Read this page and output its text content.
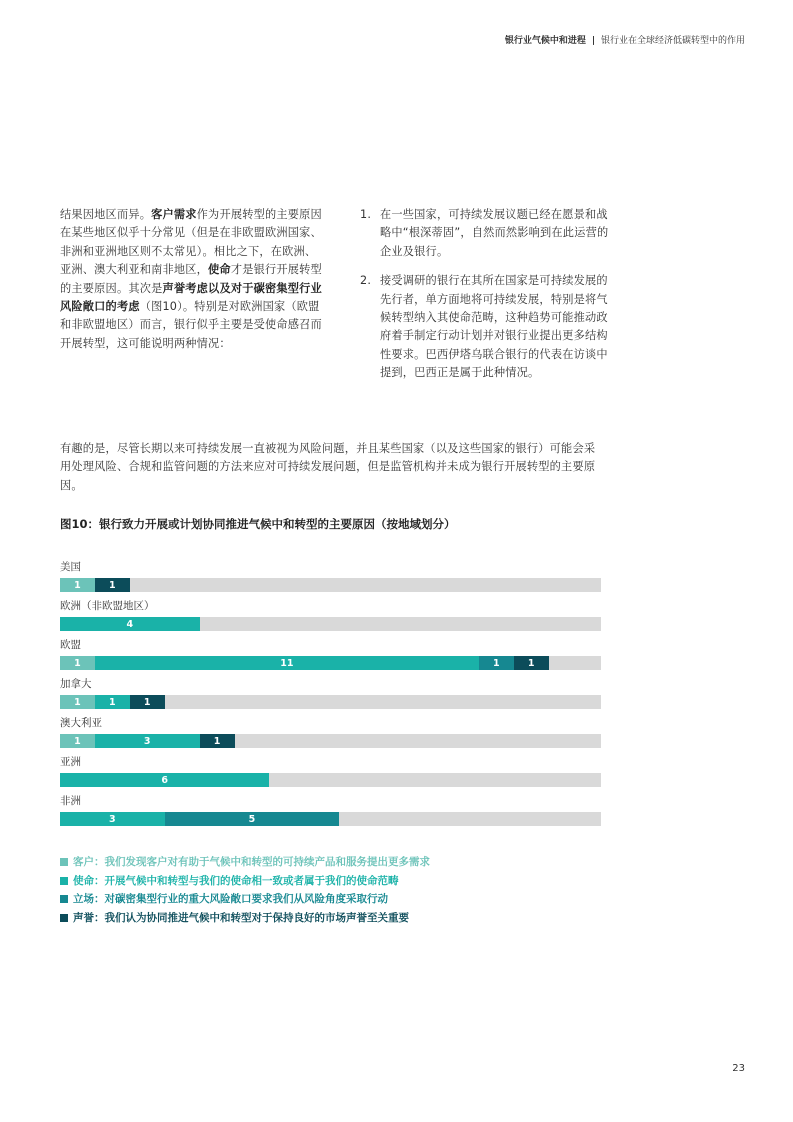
银行业气候中和进程 | 银行业在全球经济低碳转型中的作用
结果因地区而异。客户需求作为开展转型的主要原因在某些地区似乎十分常见（但是在非欧盟欧洲国家、非洲和亚洲地区则不太常见）。相比之下，在欧洲、亚洲、澳大利亚和南非地区，使命才是银行开展转型的主要原因。其次是声誉考虑以及对于碳密集型行业风险敞口的考虑（图10）。特别是对欧洲国家（欧盟和非欧盟地区）而言，银行似乎主要是受使命感召而开展转型，这可能说明两种情况：
1. 在一些国家，可持续发展议题已经在愿景和战略中“根深蒂固”，自然而然影响到在此运营的企业及银行。
2. 接受调研的银行在其所在国家是可持续发展的先行者，单方面地将可持续发展，特别是将气候转型纳入其使命范畴，这种趋势可能推动政府着手制定行动计划并对银行业提出更多结构性要求。巴西伊塔乌联合银行的代表在访谈中提到，巴西正是属于此种情况。
有趣的是，尽管长期以来可持续发展一直被视为风险问题，并且某些国家（以及这些国家的银行）可能会采用处理风险、合规和监管问题的方法来应对可持续发展问题，但是监管机构并未成为银行开展转型的主要原因。
图10：银行致力开展或计划协同推进气候中和转型的主要原因（按地域划分）
美国
1	1
欧洲（非欧盟地区）
4
欧盟
1	11	1	1
加拿大
1	1	1
澳大利亚
1	3	1
亚洲
6
非洲
3	5
客户：我们发现客户对有助于气候中和转型的可持续产品和服务提出更多需求
使命：开展气候中和转型与我们的使命相一致或者属于我们的使命范畴
立场：对碳密集型行业的重大风险敞口要求我们从风险角度采取行动
声誉：我们认为协同推进气候中和转型对于保持良好的市场声誉至关重要
23
